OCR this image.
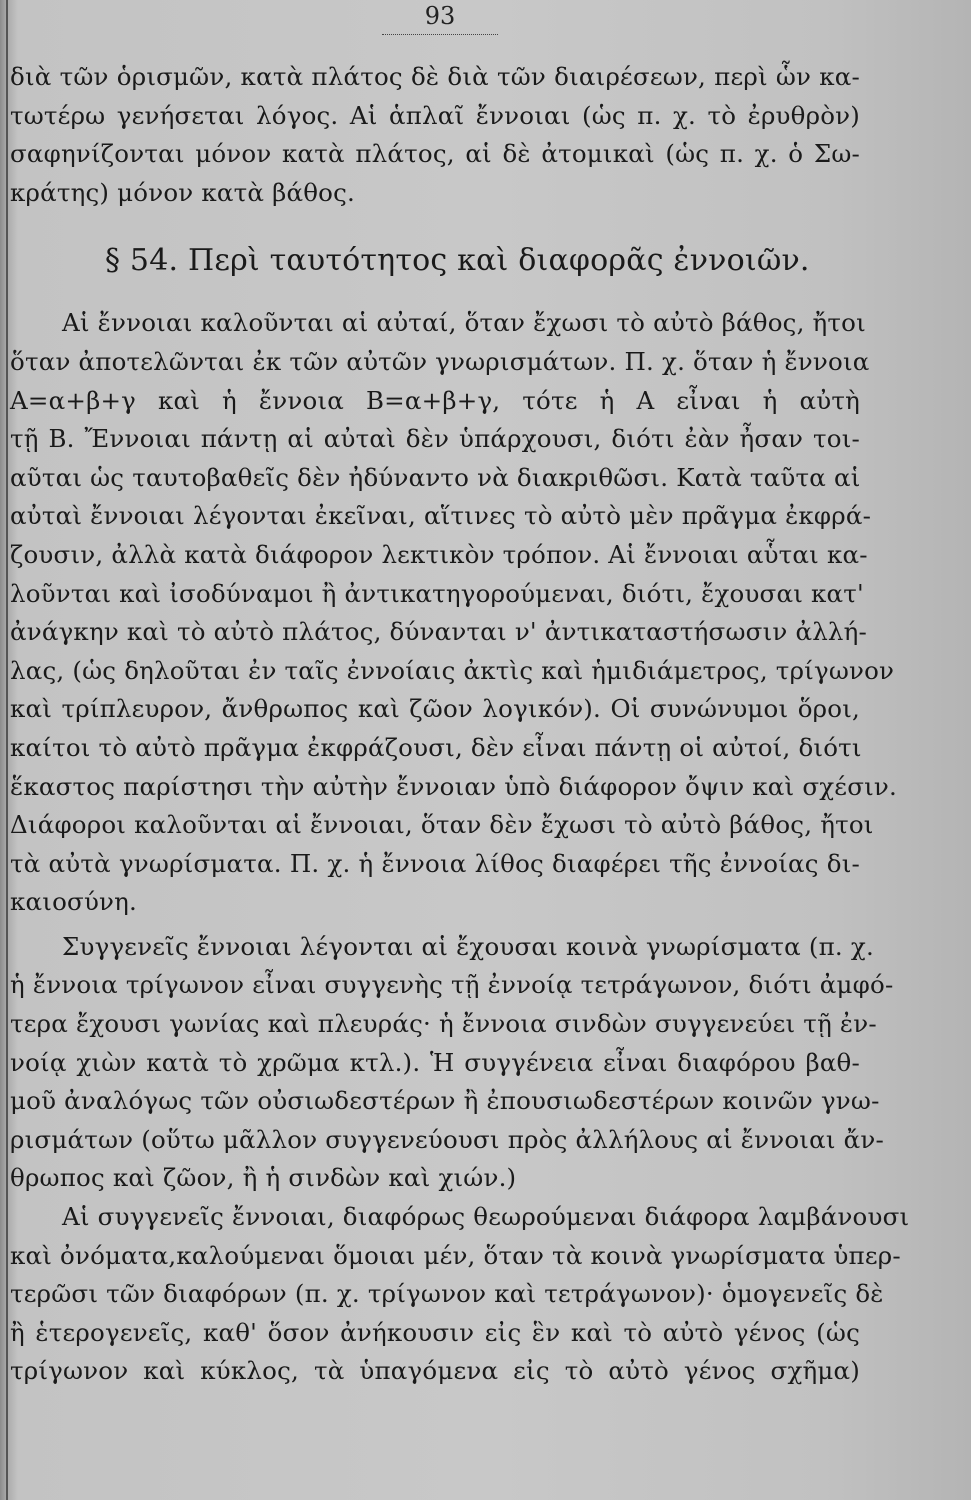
93
διὰ τῶν ὁρισμῶν, κατὰ πλάτος δὲ διὰ τῶν διαιρέσεων, περὶ ὧν κα-
τωτέρω γενήσεται λόγος. Αἱ ἁπλαῖ ἔννοιαι (ὡς π. χ. τὸ ἐρυθρὸν)
σαφηνίζονται μόνον κατὰ πλάτος, αἱ δὲ ἀτομικαὶ (ὡς π. χ. ὁ Σω-
κράτης) μόνον κατὰ βάθος.
§ 54. Περὶ ταυτότητος καὶ διαφορᾶς ἐννοιῶν.
Αἱ ἔννοιαι καλοῦνται αἱ αὐταί, ὅταν ἔχωσι τὸ αὐτὸ βάθος, ἤτοι
ὅταν ἀποτελῶνται ἐκ τῶν αὐτῶν γνωρισμάτων. Π. χ. ὅταν ἡ ἔννοια
Α=α+β+γ καὶ ἡ ἔννοια Β=α+β+γ, τότε ἡ Α εἶναι ἡ αὐτὴ
τῇ Β. Ἔννοιαι πάντῃ αἱ αὐταὶ δὲν ὑπάρχουσι, διότι ἐὰν ἦσαν τοι-
αῦται ὡς ταυτοβαθεῖς δὲν ἠδύναντο νὰ διακριθῶσι. Κατὰ ταῦτα αἱ
αὐταὶ ἔννοιαι λέγονται ἐκεῖναι, αἵτινες τὸ αὐτὸ μὲν πρᾶγμα ἐκφρά-
ζουσιν, ἀλλὰ κατὰ διάφορον λεκτικὸν τρόπον. Αἱ ἔννοιαι αὗται κα-
λοῦνται καὶ ἰσοδύναμοι ἢ ἀντικατηγορούμεναι, διότι, ἔχουσαι κατ'
ἀνάγκην καὶ τὸ αὐτὸ πλάτος, δύνανται ν' ἀντικαταστήσωσιν ἀλλή-
λας, (ὡς δηλοῦται ἐν ταῖς ἐννοίαις ἀκτὶς καὶ ἡμιδιάμετρος, τρίγωνον
καὶ τρίπλευρον, ἄνθρωπος καὶ ζῶον λογικόν). Οἱ συνώνυμοι ὅροι,
καίτοι τὸ αὐτὸ πρᾶγμα ἐκφράζουσι, δὲν εἶναι πάντῃ οἱ αὐτοί, διότι
ἕκαστος παρίστησι τὴν αὐτὴν ἔννοιαν ὑπὸ διάφορον ὄψιν καὶ σχέσιν.
Διάφοροι καλοῦνται αἱ ἔννοιαι, ὅταν δὲν ἔχωσι τὸ αὐτὸ βάθος, ἤτοι
τὰ αὐτὰ γνωρίσματα. Π. χ. ἡ ἔννοια λίθος διαφέρει τῆς ἐννοίας δι-
καιοσύνη.
Συγγενεῖς ἔννοιαι λέγονται αἱ ἔχουσαι κοινὰ γνωρίσματα (π. χ.
ἡ ἔννοια τρίγωνον εἶναι συγγενὴς τῇ ἐννοίᾳ τετράγωνον, διότι ἀμφό-
τερα ἔχουσι γωνίας καὶ πλευράς· ἡ ἔννοια σινδὼν συγγενεύει τῇ ἐν-
νοίᾳ χιὼν κατὰ τὸ χρῶμα κτλ.). Ἡ συγγένεια εἶναι διαφόρου βαθ-
μοῦ ἀναλόγως τῶν οὐσιωδεστέρων ἢ ἐπουσιωδεστέρων κοινῶν γνω-
ρισμάτων (οὕτω μᾶλλον συγγενεύουσι πρὸς ἀλλήλους αἱ ἔννοιαι ἄν-
θρωπος καὶ ζῶον, ἢ ἡ σινδὼν καὶ χιών.)
Αἱ συγγενεῖς ἔννοιαι, διαφόρως θεωρούμεναι διάφορα λαμβάνουσι
καὶ ὀνόματα,καλούμεναι ὅμοιαι μέν, ὅταν τὰ κοινὰ γνωρίσματα ὑπερ-
τερῶσι τῶν διαφόρων (π. χ. τρίγωνον καὶ τετράγωνον)· ὁμογενεῖς δὲ
ἢ ἑτερογενεῖς, καθ' ὅσον ἀνήκουσιν εἰς ἓν καὶ τὸ αὐτὸ γένος (ὡς
τρίγωνον καὶ κύκλος, τὰ ὑπαγόμενα εἰς τὸ αὐτὸ γένος σχῆμα)
